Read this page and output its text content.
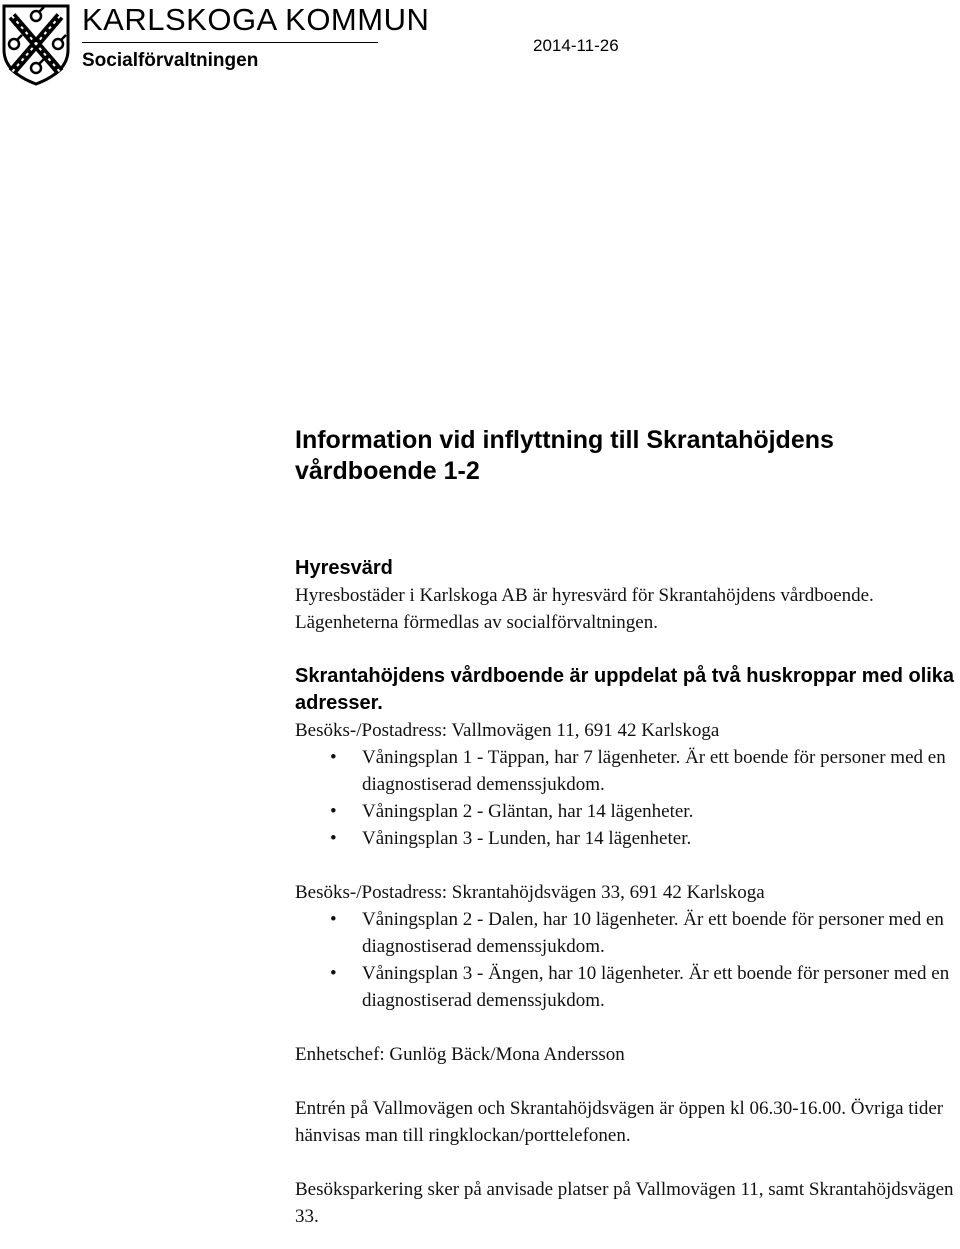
KARLSKOGA KOMMUN
Socialförvaltningen
2014-11-26
Information vid inflyttning till Skrantahöjdens vårdboende 1-2
Hyresvärd

Hyresbostäder i Karlskoga AB är hyresvärd för Skrantahöjdens vårdboende. Lägenheterna förmedlas av socialförvaltningen.

Skrantahöjdens vårdboende är uppdelat på två huskroppar med olika adresser.

Besöks-/Postadress: Vallmovägen 11, 691 42 Karlskoga

• Våningsplan 1 - Täppan, har 7 lägenheter. Är ett boende för personer med en diagnostiserad demenssjukdom.
• Våningsplan 2 - Gläntan, har 14 lägenheter.
• Våningsplan 3 - Lunden, har 14 lägenheter.

Besöks-/Postadress: Skrantahöjdsvägen 33, 691 42 Karlskoga

• Våningsplan 2 - Dalen, har 10 lägenheter. Är ett boende för personer med en diagnostiserad demenssjukdom.
• Våningsplan 3 - Ängen, har 10 lägenheter. Är ett boende för personer med en diagnostiserad demenssjukdom.

Enhetschef: Gunlög Bäck/Mona Andersson

Entrén på Vallmovägen och Skrantahöjdsvägen är öppen kl 06.30-16.00. Övriga tider hänvisas man till ringklockan/porttelefonen.

Besöksparkering sker på anvisade platser på Vallmovägen 11, samt Skrantahöjdsvägen 33.
